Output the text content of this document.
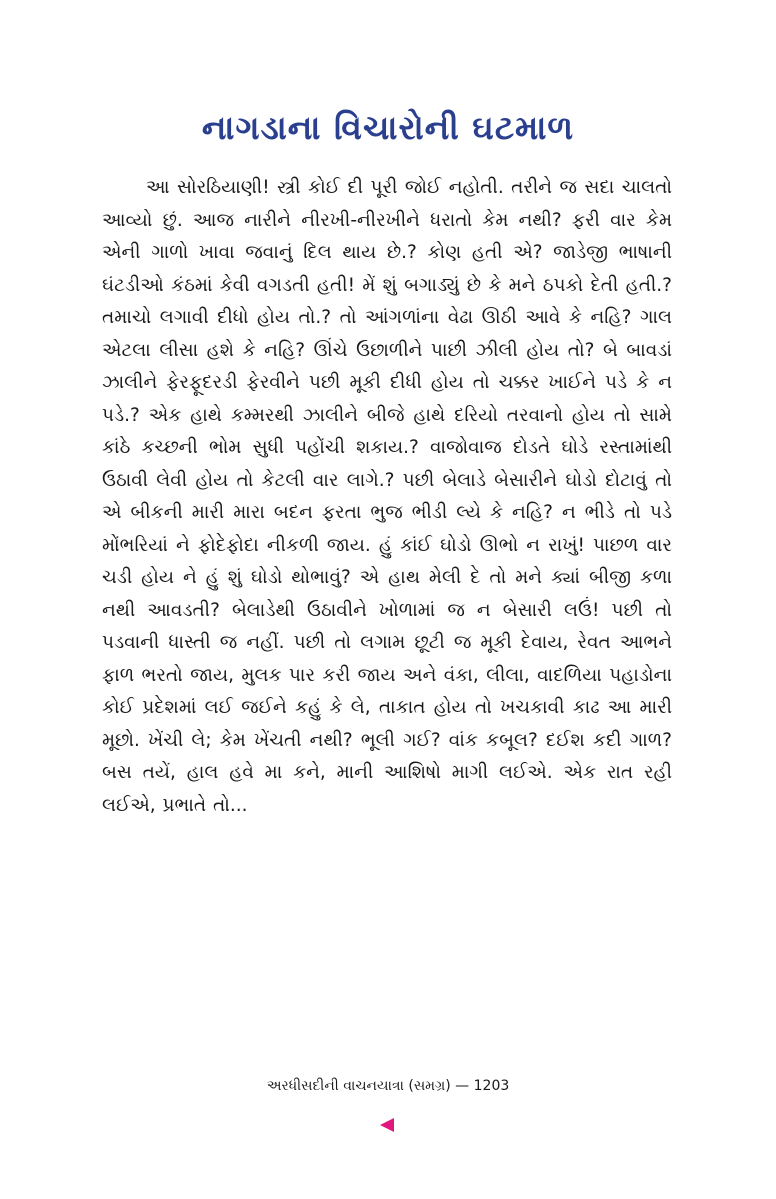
નાગડાના વિચારોની ઘટમાળ

આ સોરઠિયાણી! સ્ત્રી કોઈ દી પૂરી જોઈ નહોતી. તરીને જ સદા ચાલતો આવ્યો છું. આજ નારીને નીરખી-નીરખીને ધરાતો કેમ નથી? ફરી વાર કેમ એની ગાળો ખાવા જવાનું દિલ થાય છે.? કોણ હતી એ? જાડેજી ભાષાની ઘંટડીઓ કંઠમાં કેવી વગડતી હતી! મેં શું બગાડ્યું છે કે મને ઠપકો દેતી હતી.? તમાચો લગાવી દીધો હોય તો.? તો આંગળાંના વેઢા ઊઠી આવે કે નહિ? ગાલ એટલા લીસા હશે કે નહિ? ઊંચે ઉછાળીને પાછી ઝીલી હોય તો? બે બાવડાં ઝાલીને ફેરફૂદરડી ફેરવીને પછી મૂકી દીધી હોય તો ચક્કર ખાઈને પડે કે ન પડે.? એક હાથે કમ્મરથી ઝાલીને બીજે હાથે દરિયો તરવાનો હોય તો સામે કાંઠે કચ્છની ભોમ સુધી પહોંચી શકાય.? વાજોવાજ દોડતે ઘોડે રસ્તામાંથી ઉઠાવી લેવી હોય તો કેટલી વાર લાગે.? પછી બેલાડે બેસારીને ઘોડો દોટાવું તો એ બીકની મારી મારા બદન ફરતા ભુજ ભીડી લ્યે કે નહિ? ન ભીડે તો પડે મોંભરિયાં ને ફોદેફોદા નીકળી જાય. હું કાંઈ ઘોડો ઊભો ન રાખું! પાછળ વાર ચડી હોય ને હું શું ઘોડો થોભાવું? એ હાથ મેલી દે તો મને ક્યાં બીજી કળા નથી આવડતી? બેલાડેથી ઉઠાવીને ખોળામાં જ ન બેસારી લઉં! પછી તો પડવાની ધાસ્તી જ નહીં. પછી તો લગામ છૂટી જ મૂકી દેવાય, રેવત આભને ફાળ ભરતો જાય, મુલક પાર કરી જાય અને વંકા, લીલા, વાદળિયા પહાડોના કોઈ પ્રદેશમાં લઈ જઈને કહું કે લે, તાકાત હોય તો ખચકાવી કાઢ આ મારી મૂછો. ખેંચી લે; કેમ ખેંચતી નથી? ભૂલી ગઈ? વાંક કબૂલ? દઈશ કદી ગાળ? બસ તયેં, હાલ હવે મા કને, માની આશિષો માગી લઈએ. એક રાત રહી લઈએ, પ્રભાતે તો...

અરધીસદીની વાચનયાત્રા (સમગ્ર) — 1203
